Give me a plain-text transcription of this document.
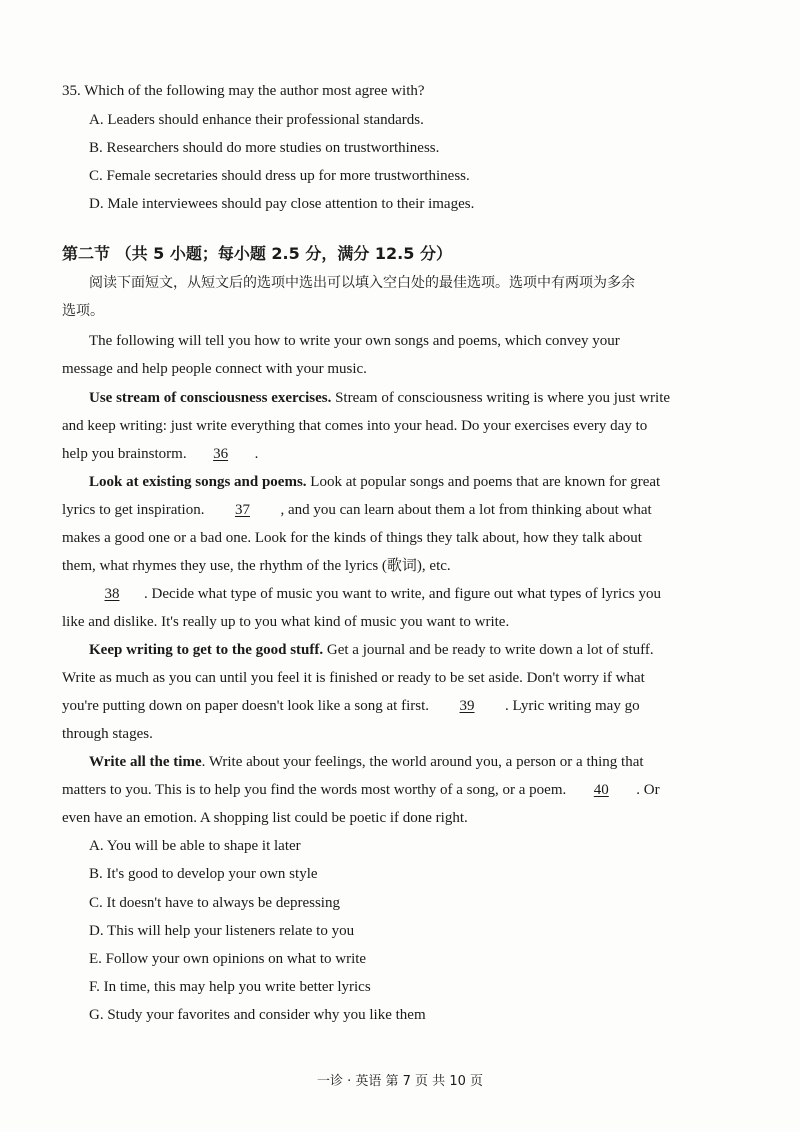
35. Which of the following may the author most agree with?
A. Leaders should enhance their professional standards.
B. Researchers should do more studies on trustworthiness.
C. Female secretaries should dress up for more trustworthiness.
D. Male interviewees should pay close attention to their images.
第二节 （共 5 小题；每小题 2.5 分，满分 12.5 分）
阅读下面短文，从短文后的选项中选出可以填入空白处的最佳选项。选项中有两项为多余
选项。
The following will tell you how to write your own songs and poems, which convey your
message and help people connect with your music.
Use stream of consciousness exercises. Stream of consciousness writing is where you just write
and keep writing: just write everything that comes into your head. Do your exercises every day to
help you brainstorm. 36 .
Look at existing songs and poems. Look at popular songs and poems that are known for great
lyrics to get inspiration. 37 , and you can learn about them a lot from thinking about what
makes a good one or a bad one. Look for the kinds of things they talk about, how they talk about
them, what rhymes they use, the rhythm of the lyrics (歌词), etc.
38 . Decide what type of music you want to write, and figure out what types of lyrics you
like and dislike. It's really up to you what kind of music you want to write.
Keep writing to get to the good stuff. Get a journal and be ready to write down a lot of stuff.
Write as much as you can until you feel it is finished or ready to be set aside. Don't worry if what
you're putting down on paper doesn't look like a song at first. 39 . Lyric writing may go
through stages.
Write all the time. Write about your feelings, the world around you, a person or a thing that
matters to you. This is to help you find the words most worthy of a song, or a poem. 40 . Or
even have an emotion. A shopping list could be poetic if done right.
A. You will be able to shape it later
B. It's good to develop your own style
C. It doesn't have to always be depressing
D. This will help your listeners relate to you
E. Follow your own opinions on what to write
F. In time, this may help you write better lyrics
G. Study your favorites and consider why you like them
一诊 · 英语 第 7 页 共 10 页
